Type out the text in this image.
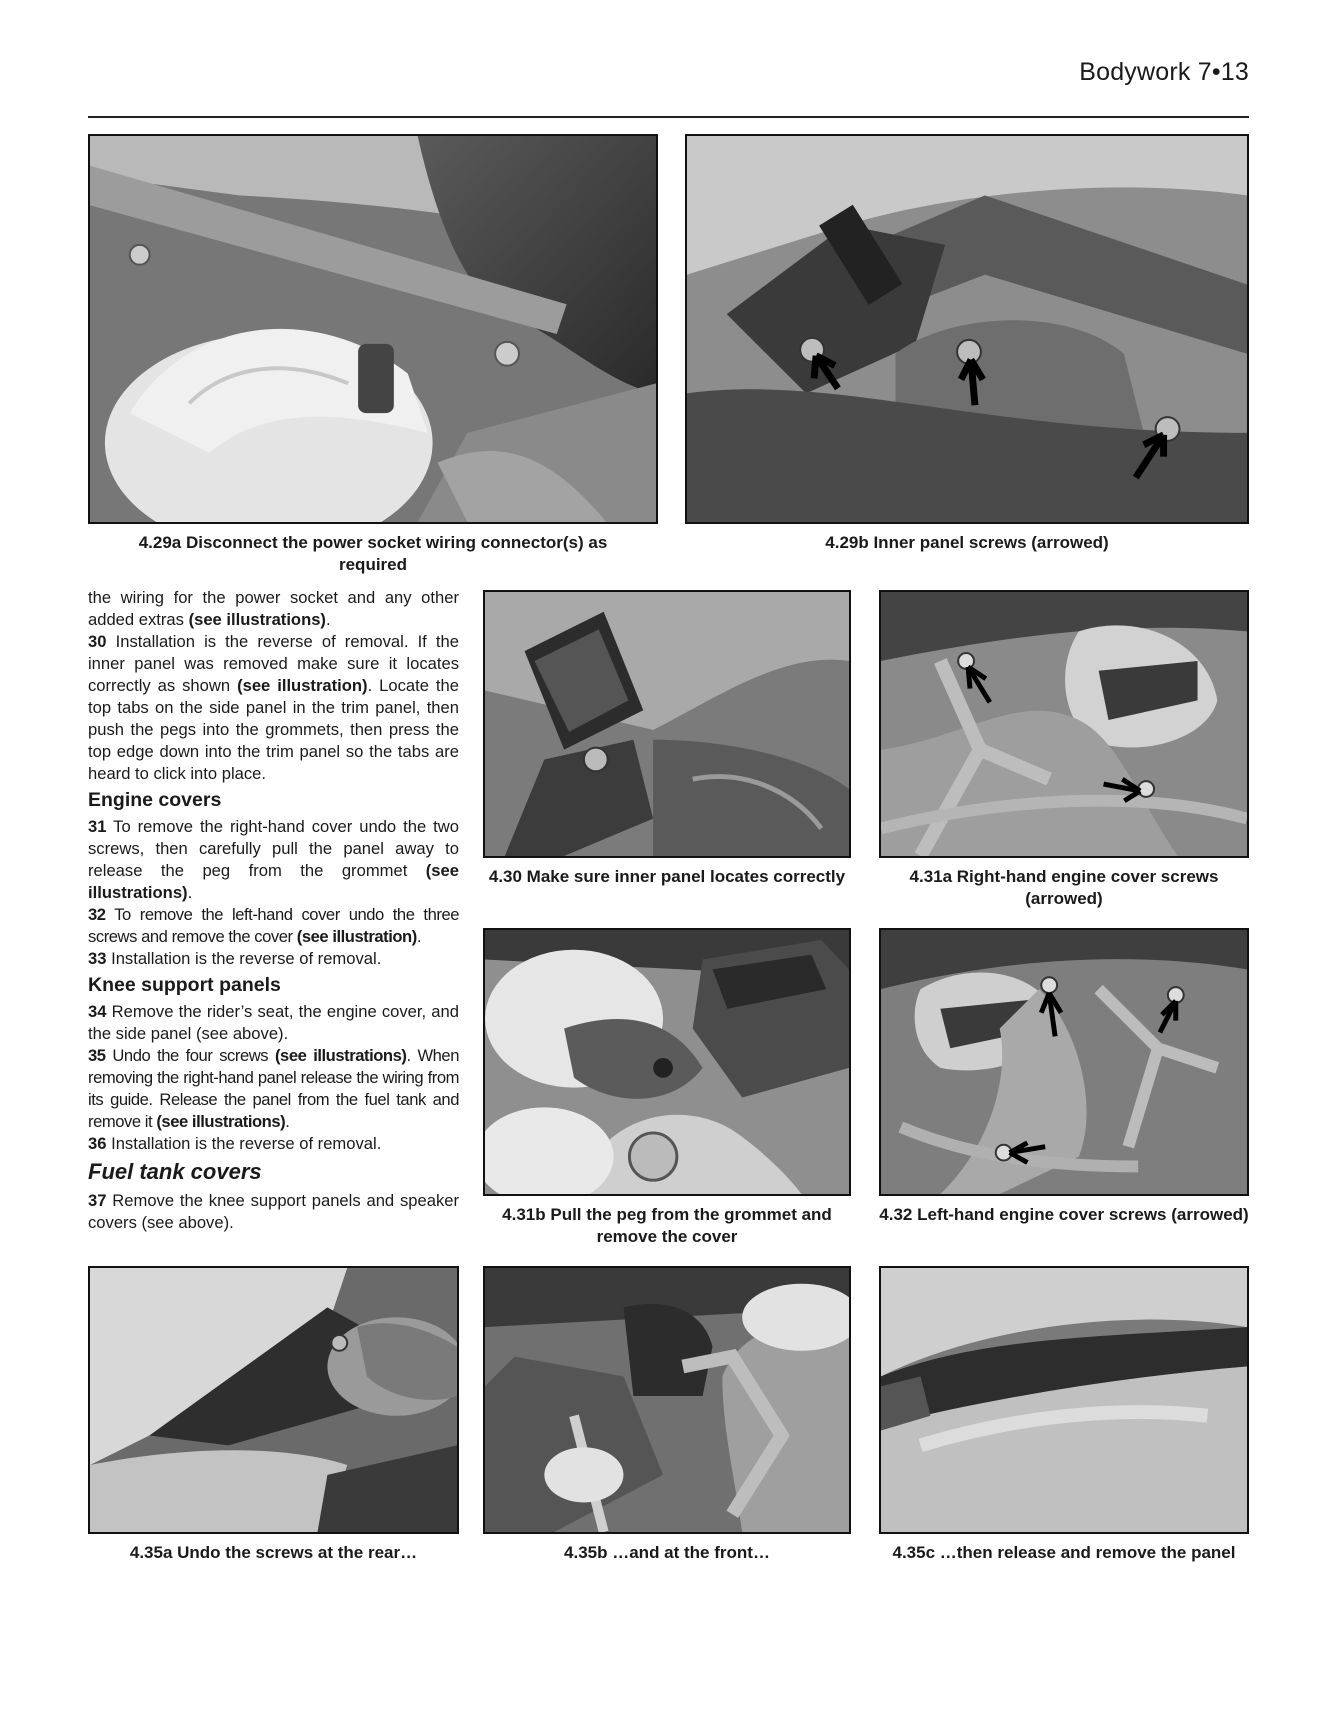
Bodywork 7•13
4.29a Disconnect the power socket wiring connector(s) as required
4.29b Inner panel screws (arrowed)
4.30 Make sure inner panel locates correctly	4.31a Right-hand engine cover screws (arrowed)
4.31b Pull the peg from the grommet and remove the cover
4.32 Left-hand engine cover screws (arrowed)
4.35a Undo the screws at the rear…	4.35b …and at the front…	4.35c …then release and remove the panel

the wiring for the power socket and any other added extras (see illustrations).

30 Installation is the reverse of removal. If the inner panel was removed make sure it locates correctly as shown (see illustration). Locate the top tabs on the side panel in the trim panel, then push the pegs into the grommets, then press the top edge down into the trim panel so the tabs are heard to click into place.

Engine covers

31 To remove the right-hand cover undo the two screws, then carefully pull the panel away to release the peg from the grommet (see illustrations).

32 To remove the left-hand cover undo the three screws and remove the cover (see illustration).

33 Installation is the reverse of removal.

Knee support panels

34 Remove the rider’s seat, the engine cover, and the side panel (see above).

35 Undo the four screws (see illustrations). When removing the right-hand panel release the wiring from its guide. Release the panel from the fuel tank and remove it (see illustrations).

36 Installation is the reverse of removal.

Fuel tank covers

37 Remove the knee support panels and speaker covers (see above).
